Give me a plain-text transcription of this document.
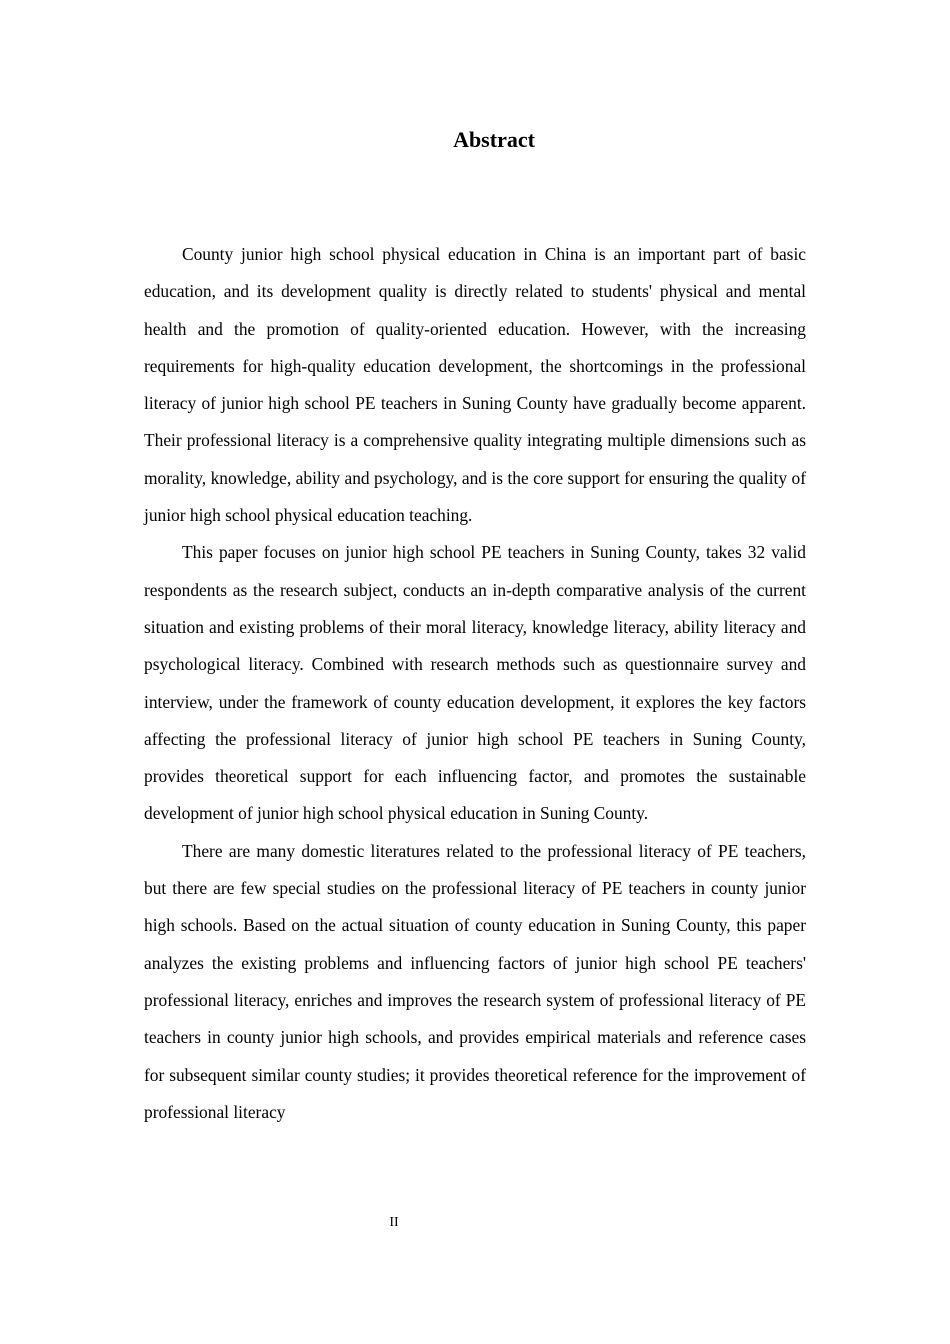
Abstract

County junior high school physical education in China is an important part of basic education, and its development quality is directly related to students' physical and mental health and the promotion of quality-oriented education. However, with the increasing requirements for high-quality education development, the shortcomings in the professional literacy of junior high school PE teachers in Suning County have gradually become apparent. Their professional literacy is a comprehensive quality integrating multiple dimensions such as morality, knowledge, ability and psychology, and is the core support for ensuring the quality of junior high school physical education teaching.

This paper focuses on junior high school PE teachers in Suning County, takes 32 valid respondents as the research subject, conducts an in-depth comparative analysis of the current situation and existing problems of their moral literacy, knowledge literacy, ability literacy and psychological literacy. Combined with research methods such as questionnaire survey and interview, under the framework of county education development, it explores the key factors affecting the professional literacy of junior high school PE teachers in Suning County, provides theoretical support for each influencing factor, and promotes the sustainable development of junior high school physical education in Suning County.

There are many domestic literatures related to the professional literacy of PE teachers, but there are few special studies on the professional literacy of PE teachers in county junior high schools. Based on the actual situation of county education in Suning County, this paper analyzes the existing problems and influencing factors of junior high school PE teachers' professional literacy, enriches and improves the research system of professional literacy of PE teachers in county junior high schools, and provides empirical materials and reference cases for subsequent similar county studies; it provides theoretical reference for the improvement of professional literacy

II
